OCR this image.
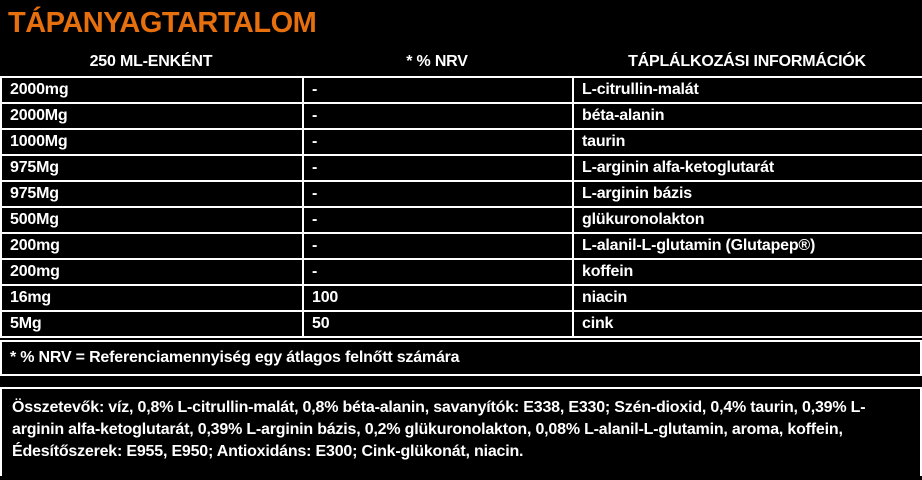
TÁPANYAGTARTALOM
250 ML-ENKÉNT	* % NRV	TÁPLÁLKOZÁSI INFORMÁCIÓK
2000mg	-	L-citrullin-malát
2000Mg	-	béta-alanin
1000Mg	-	taurin
975Mg	-	L-arginin alfa-ketoglutarát
975Mg	-	L-arginin bázis
500Mg	-	glükuronolakton
200mg	-	L-alanil-L-glutamin (Glutapep®)
200mg	-	koffein
16mg	100	niacin
5Mg	50	cink
* % NRV = Referenciamennyiség egy átlagos felnőtt számára
Összetevők: víz, 0,8% L-citrullin-malát, 0,8% béta-alanin, savanyítók: E338, E330; Szén-dioxid, 0,4% taurin, 0,39% L-arginin alfa-ketoglutarát, 0,39% L-arginin bázis, 0,2% glükuronolakton, 0,08% L-alanil-L-glutamin, aroma, koffein, Édesítőszerek: E955, E950; Antioxidáns: E300; Cink-glükonát, niacin.
